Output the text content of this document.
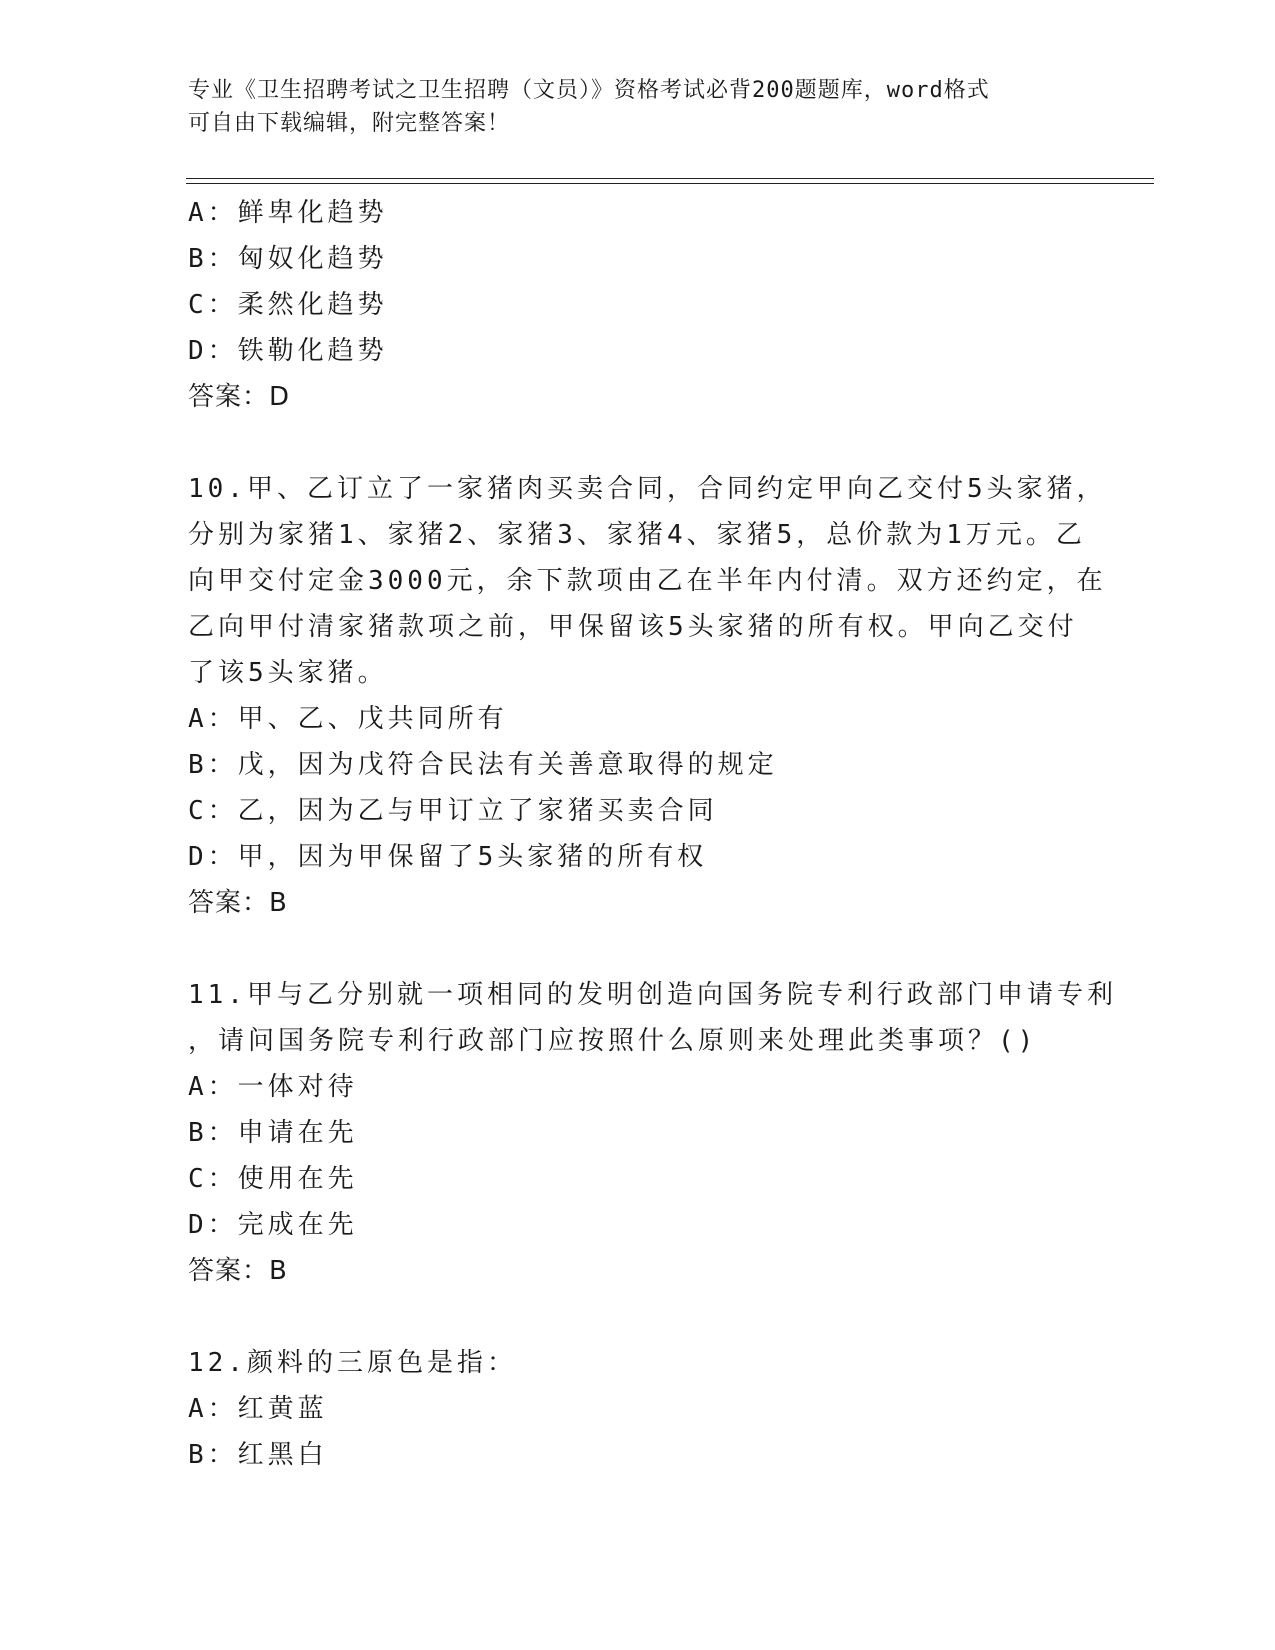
专业《卫生招聘考试之卫生招聘（文员）》资格考试必背200题题库，word格式
可自由下载编辑，附完整答案！
A：鲜卑化趋势
B：匈奴化趋势
C：柔然化趋势
D：铁勒化趋势
答案：D
10.甲、乙订立了一家猪肉买卖合同，合同约定甲向乙交付5头家猪，
分别为家猪1、家猪2、家猪3、家猪4、家猪5，总价款为1万元。乙
向甲交付定金3000元，余下款项由乙在半年内付清。双方还约定，在
乙向甲付清家猪款项之前，甲保留该5头家猪的所有权。甲向乙交付
了该5头家猪。
A：甲、乙、戊共同所有
B：戊，因为戊符合民法有关善意取得的规定
C：乙，因为乙与甲订立了家猪买卖合同
D：甲，因为甲保留了5头家猪的所有权
答案：B
11.甲与乙分别就一项相同的发明创造向国务院专利行政部门申请专利
，请问国务院专利行政部门应按照什么原则来处理此类事项？()
A：一体对待
B：申请在先
C：使用在先
D：完成在先
答案：B
12.颜料的三原色是指：
A：红黄蓝
B：红黑白
